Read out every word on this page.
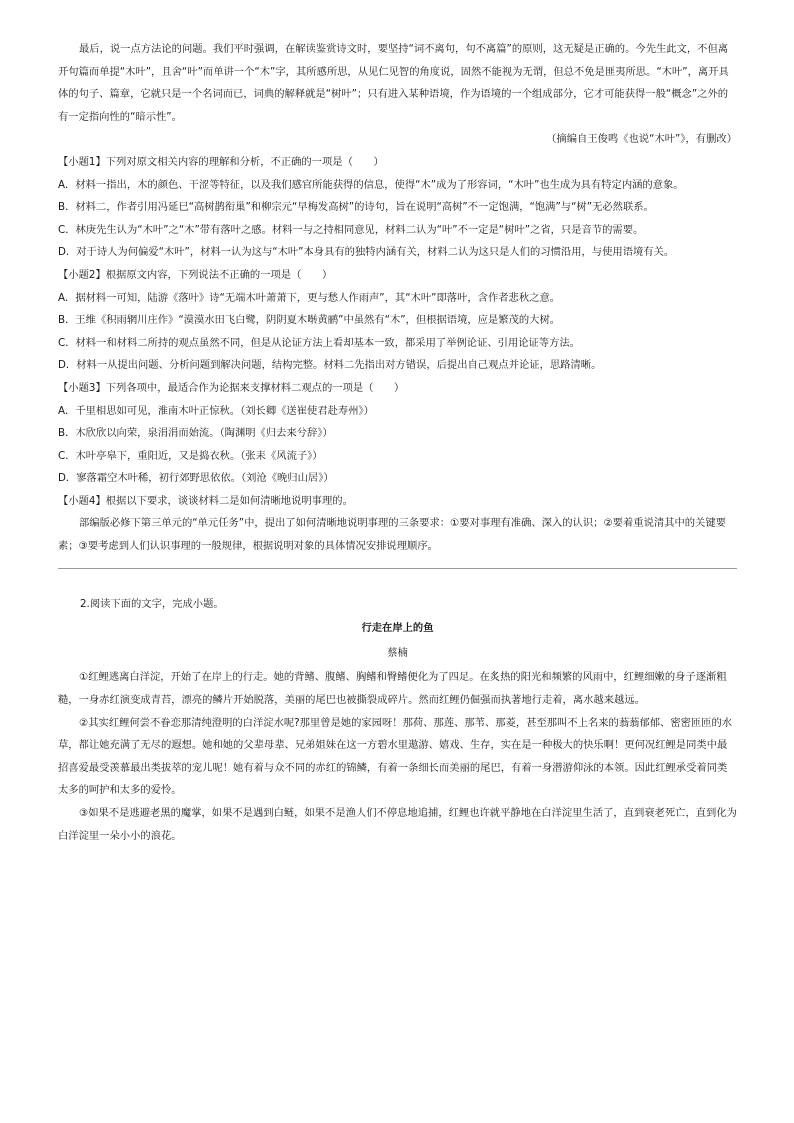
最后，说一点方法论的问题。我们平时强调，在解读鉴赏诗文时，要坚持“词不离句，句不离篇”的原则，这无疑是正确的。今先生此文，不但离开句篇而单提“木叶”，且舍“叶”而单讲一个“木”字，其所感所思，从见仁见智的角度说，固然不能视为无谓，但总不免是匪夷所思。“木叶”，离开具体的句子、篇章，它就只是一个名词而已，词典的解释就是“树叶”；只有进入某种语境，作为语境的一个组成部分，它才可能获得一般“概念”之外的有一定指向性的“暗示性”。

（摘编自王俊鸣《也说“木叶”》，有删改）

【小题1】下列对原文相关内容的理解和分析，不正确的一项是（　　）

A．材料一指出，木的颜色、干涩等特征，以及我们感官所能获得的信息，使得“木”成为了形容词，“木叶”也生成为具有特定内涵的意象。

B．材料二，作者引用冯延巳“高树鹊衔巢”和柳宗元“早梅发高树”的诗句，旨在说明“高树”不一定饱满，“饱满”与“树”无必然联系。

C．林庚先生认为“木叶”之“木”带有落叶之感。材料一与之持相同意见，材料二认为“叶”不一定是“树叶”之省，只是音节的需要。

D．对于诗人为何偏爱“木叶”，材料一认为这与“木叶”本身具有的独特内涵有关，材料二认为这只是人们的习惯沿用，与使用语境有关。

【小题2】根据原文内容，下列说法不正确的一项是（　　）

A．据材料一可知，陆游《落叶》诗“无端木叶萧萧下，更与愁人作雨声”，其“木叶”即落叶，含作者悲秋之意。

B．王维《积雨辋川庄作》“漠漠水田飞白鹭，阴阴夏木啭黄鹂”中虽然有“木”，但根据语境，应是繁茂的大树。

C．材料一和材料二所持的观点虽然不同，但是从论证方法上看却基本一致，都采用了举例论证、引用论证等方法。

D．材料一从提出问题、分析问题到解决问题，结构完整。材料二先指出对方错误，后提出自己观点并论证，思路清晰。

【小题3】下列各项中，最适合作为论据来支撑材料二观点的一项是（　　）

A．千里相思如可见，淮南木叶正惊秋。（刘长卿《送崔使君赴寿州》）

B．木欣欣以向荣，泉涓涓而始流。（陶渊明《归去来兮辞》）

C．木叶亭皋下，重阳近，又是捣衣秋。（张耒《风流子》）

D．寥落霜空木叶稀，初行郊野思依依。（刘沧《晚归山居》）

【小题4】根据以下要求，谈谈材料二是如何清晰地说明事理的。

部编版必修下第三单元的“单元任务”中，提出了如何清晰地说明事理的三条要求：①要对事理有准确、深入的认识；②要着重说清其中的关键要素；③要考虑到人们认识事理的一般规律，根据说明对象的具体情况安排说理顺序。

2.阅读下面的文字，完成小题。

行走在岸上的鱼

蔡楠

①红鲤逃离白洋淀，开始了在岸上的行走。她的背鳍、腹鳍、胸鳍和臀鳍便化为了四足。在炙热的阳光和频繁的风雨中，红鲤细嫩的身子逐渐粗糙，一身赤红演变成青苔，漂亮的鳞片开始脱落，美丽的尾巴也被撕裂成碎片。然而红鲤仍倔强而执著地行走着，离水越来越远。

②其实红鲤何尝不眷恋那清纯澄明的白洋淀水呢?那里曾是她的家园呀！那荷、那莲、那苇、那菱，甚至那叫不上名来的蓊蓊郁郁、密密匝匝的水草，都让她充满了无尽的遐想。她和她的父辈母辈、兄弟姐妹在这一方碧水里遨游、嬉戏、生存，实在是一种极大的快乐啊！更何况红鲤是同类中最招喜爱最受羡慕最出类拔萃的宠儿呢！她有着与众不同的赤红的锦鳞，有着一条细长而美丽的尾巴，有着一身潜游仰泳的本领。因此红鲤承受着同类太多的呵护和太多的爱怜。

③如果不是逃避老黑的魔掌，如果不是遇到白鲢，如果不是渔人们不停息地追捕，红鲤也许就平静地在白洋淀里生活了，直到衰老死亡，直到化为白洋淀里一朵小小的浪花。
